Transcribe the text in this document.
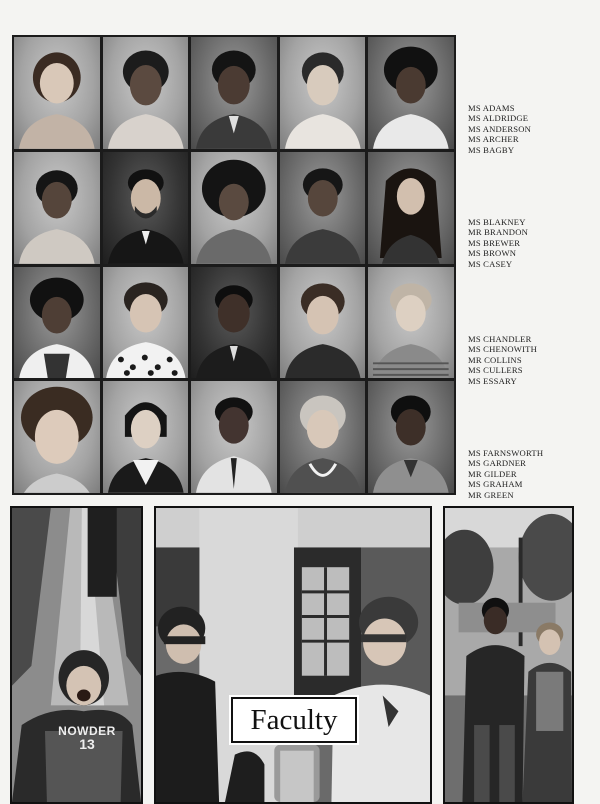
MS ADAMS
MS ALDRIDGE
MS ANDERSON
MS ARCHER
MS BAGBY
MS BLAKNEY
MR BRANDON
MS BREWER
MS BROWN
MS CASEY
MS CHANDLER
MS CHENOWITH
MR COLLINS
MS CULLERS
MS ESSARY
MS FARNSWORTH
MS GARDNER
MR GILDER
MS GRAHAM
MR GREEN
NOWDER
13
Faculty
